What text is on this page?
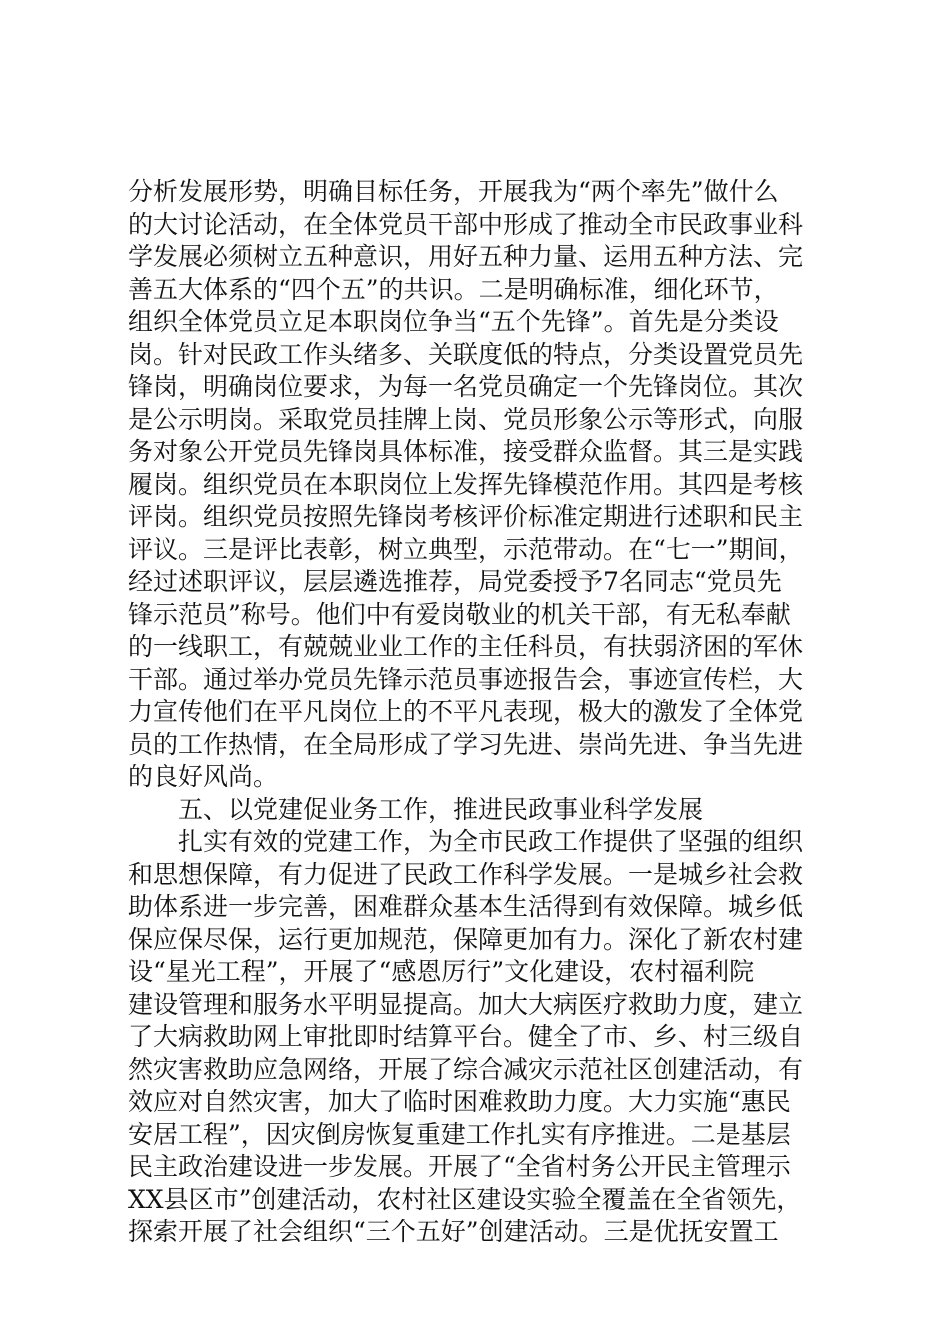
分析发展形势，明确目标任务，开展我为“两个率先”做什么
的大讨论活动，在全体党员干部中形成了推动全市民政事业科
学发展必须树立五种意识，用好五种力量、运用五种方法、完
善五大体系的“四个五”的共识。二是明确标准，细化环节，
组织全体党员立足本职岗位争当“五个先锋”。首先是分类设
岗。针对民政工作头绪多、关联度低的特点，分类设置党员先
锋岗，明确岗位要求，为每一名党员确定一个先锋岗位。其次
是公示明岗。采取党员挂牌上岗、党员形象公示等形式，向服
务对象公开党员先锋岗具体标准，接受群众监督。其三是实践
履岗。组织党员在本职岗位上发挥先锋模范作用。其四是考核
评岗。组织党员按照先锋岗考核评价标准定期进行述职和民主
评议。三是评比表彰，树立典型，示范带动。在“七一”期间，
经过述职评议，层层遴选推荐，局党委授予7名同志“党员先
锋示范员”称号。他们中有爱岗敬业的机关干部，有无私奉献
的一线职工，有兢兢业业工作的主任科员，有扶弱济困的军休
干部。通过举办党员先锋示范员事迹报告会，事迹宣传栏，大
力宣传他们在平凡岗位上的不平凡表现，极大的激发了全体党
员的工作热情，在全局形成了学习先进、崇尚先进、争当先进
的良好风尚。
五、以党建促业务工作，推进民政事业科学发展
扎实有效的党建工作，为全市民政工作提供了坚强的组织
和思想保障，有力促进了民政工作科学发展。一是城乡社会救
助体系进一步完善，困难群众基本生活得到有效保障。城乡低
保应保尽保，运行更加规范，保障更加有力。深化了新农村建
设“星光工程”，开展了“感恩厉行”文化建设，农村福利院
建设管理和服务水平明显提高。加大大病医疗救助力度，建立
了大病救助网上审批即时结算平台。健全了市、乡、村三级自
然灾害救助应急网络，开展了综合减灾示范社区创建活动，有
效应对自然灾害，加大了临时困难救助力度。大力实施“惠民
安居工程”，因灾倒房恢复重建工作扎实有序推进。二是基层
民主政治建设进一步发展。开展了“全省村务公开民主管理示
XX县区市”创建活动，农村社区建设实验全覆盖在全省领先，
探索开展了社会组织“三个五好”创建活动。三是优抚安置工
